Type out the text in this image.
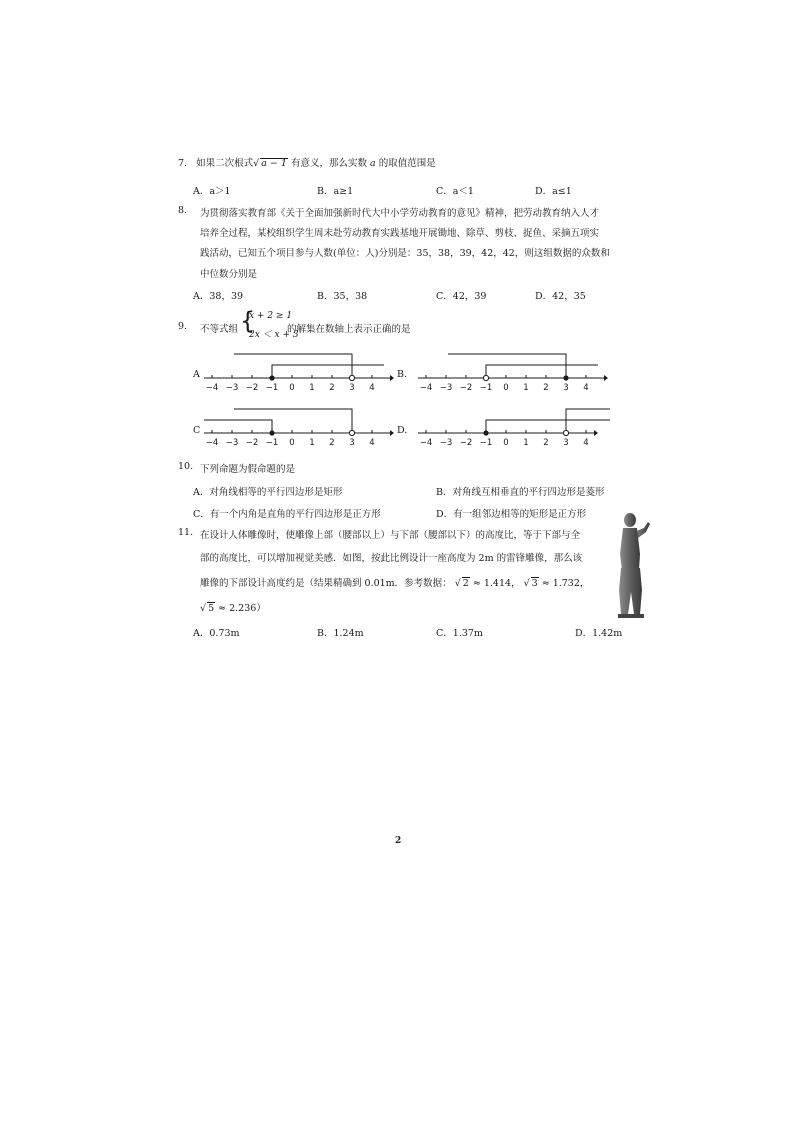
7. 如果二次根式√ a − 1 有意义，那么实数 a 的取值范围是
A．a＞1	B．a≥1	C．a＜1	D．a≤1
8. 为贯彻落实教育部《关于全面加强新时代大中小学劳动教育的意见》精神，把劳动教育纳入人才
培养全过程，某校组织学生周末赴劳动教育实践基地开展锄地、除草、剪枝、捉鱼、采摘五项实
践活动，已知五个项目参与人数(单位：人)分别是：35，38，39，42，42，则这组数据的众数和
中位数分别是
A．38，39	B．35，38	C．42，39	D．42，35
9. 不等式组 {
x + 2 ≥ 1
2x ＜ x + 3
的解集在数轴上表示正确的是
A	B.
C	D.
−4 −3 −2 −1 0 1 2 3 4	−4 −3 −2 −1 0 1 2 3 4
−4 −3 −2 −1 0 1 2 3 4	−4 −3 −2 −1 0 1 2 3 4
10. 下列命题为假命题的是
A．对角线相等的平行四边形是矩形	B．对角线互相垂直的平行四边形是菱形
C．有一个内角是直角的平行四边形是正方形	D．有一组邻边相等的矩形是正方形
11. 在设计人体雕像时，使雕像上部（腰部以上）与下部（腰部以下）的高度比，等于下部与全
部的高度比，可以增加视觉美感．如图，按此比例设计一座高度为 2m 的雷锋雕像，那么该
雕像的下部设计高度约是（结果精确到 0.01m．参考数据： √ 2 ≈ 1.414， √ 3 ≈ 1.732，
√ 5 ≈ 2.236）
A．0.73m	B．1.24m	C．1.37m	D．1.42m
2
